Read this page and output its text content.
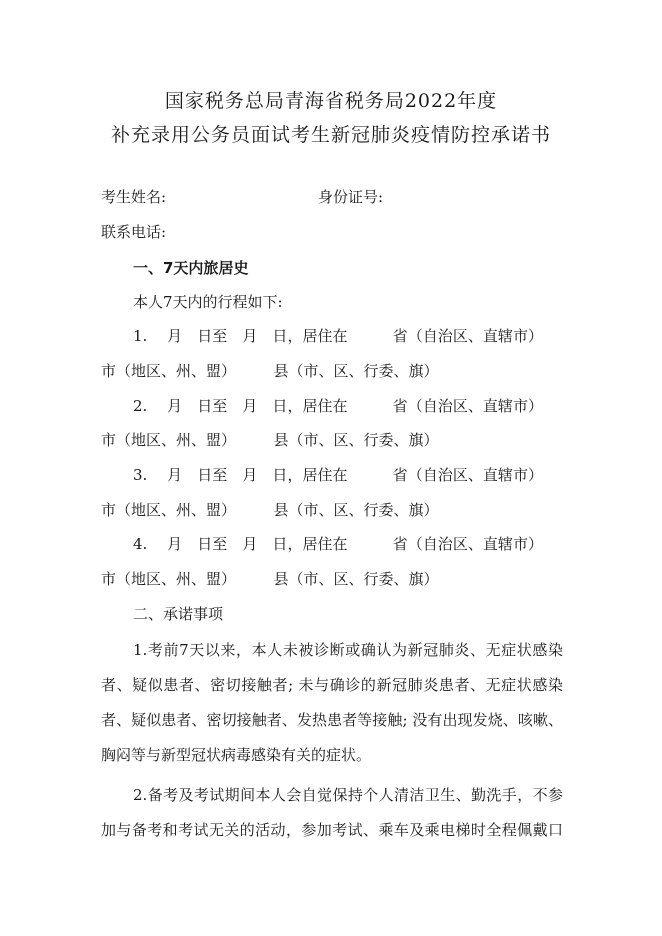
国家税务总局青海省税务局2022年度
补充录用公务员面试考生新冠肺炎疫情防控承诺书
考生姓名:	身份证号:
联系电话:
一、7天内旅居史
本人7天内的行程如下:
1.　 月　日至　月　日，居住在　　　省（自治区、直辖市）
市（地区、州、盟）　　　县（市、区、行委、旗）
2.　 月　日至　月　日，居住在　　　省（自治区、直辖市）
市（地区、州、盟）　　　县（市、区、行委、旗）
3.　 月　日至　月　日，居住在　　　省（自治区、直辖市）
市（地区、州、盟）　　　县（市、区、行委、旗）
4.　 月　日至　月　日，居住在　　　省（自治区、直辖市）
市（地区、州、盟）　　　县（市、区、行委、旗）
二、承诺事项
1.考前7天以来，本人未被诊断或确认为新冠肺炎、无症状感染
者、疑似患者、密切接触者; 未与确诊的新冠肺炎患者、无症状感染
者、疑似患者、密切接触者、发热患者等接触; 没有出现发烧、咳嗽、
胸闷等与新型冠状病毒感染有关的症状。
2.备考及考试期间本人会自觉保持个人清洁卫生、勤洗手，不参
加与备考和考试无关的活动，参加考试、乘车及乘电梯时全程佩戴口
